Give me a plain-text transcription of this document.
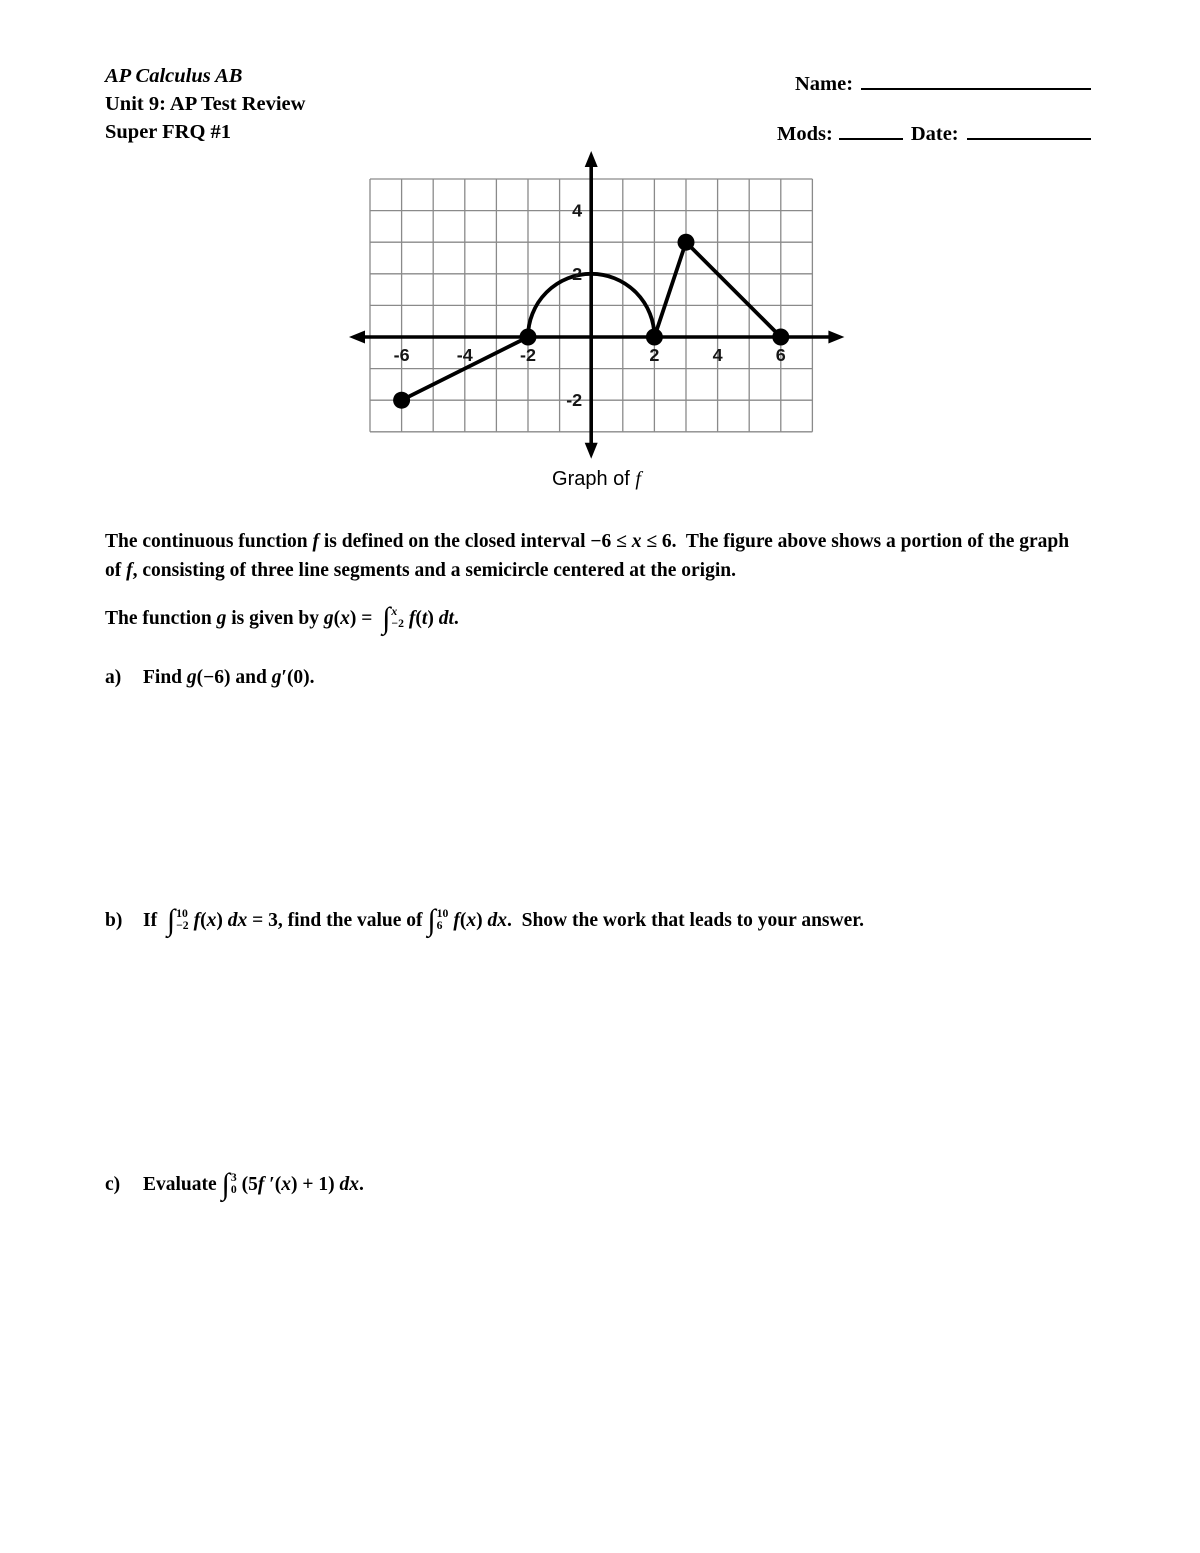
AP Calculus AB
Unit 9: AP Test Review
Super FRQ #1
Name:
Mods:	Date:
-6	-4	-2	2	4	6
4
2
-2
Graph of f
The continuous function f is defined on the closed interval −6 ≤ x ≤ 6.  The figure above shows a portion of the graph of f, consisting of three line segments and a semicircle centered at the origin.
The function g is given by g(x) =  ∫ x
−2 f(t) dt.
a)	Find g(−6) and g′(0).
b)	If  ∫ 10
−2 f(x) dx = 3, find the value of ∫ 10
6 f(x) dx.  Show the work that leads to your answer.
c)	Evaluate ∫ 3
0 (5f ′(x) + 1) dx.
